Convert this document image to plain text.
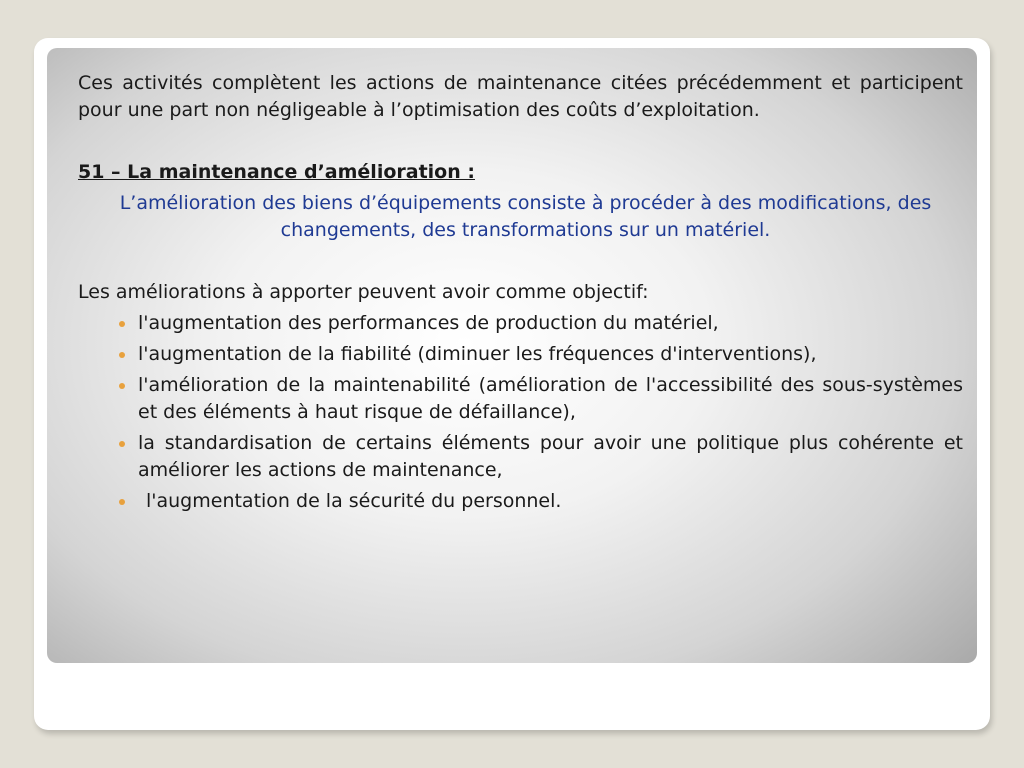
Ces activités complètent les actions de maintenance citées précédemment et participent pour une part non négligeable à l’optimisation des coûts d’exploitation.

51 – La maintenance d’amélioration :

L’amélioration des biens d’équipements consiste à procéder à des modifications, des changements, des transformations sur un matériel.

Les améliorations à apporter peuvent avoir comme objectif:

l'augmentation des performances de production du matériel,
l'augmentation de la fiabilité (diminuer les fréquences d'interventions),
l'amélioration de la maintenabilité (amélioration de l'accessibilité des sous-systèmes et des éléments à haut risque de défaillance),
la standardisation de certains éléments pour avoir une politique plus cohérente et améliorer les actions de maintenance,
l'augmentation de la sécurité du personnel.
